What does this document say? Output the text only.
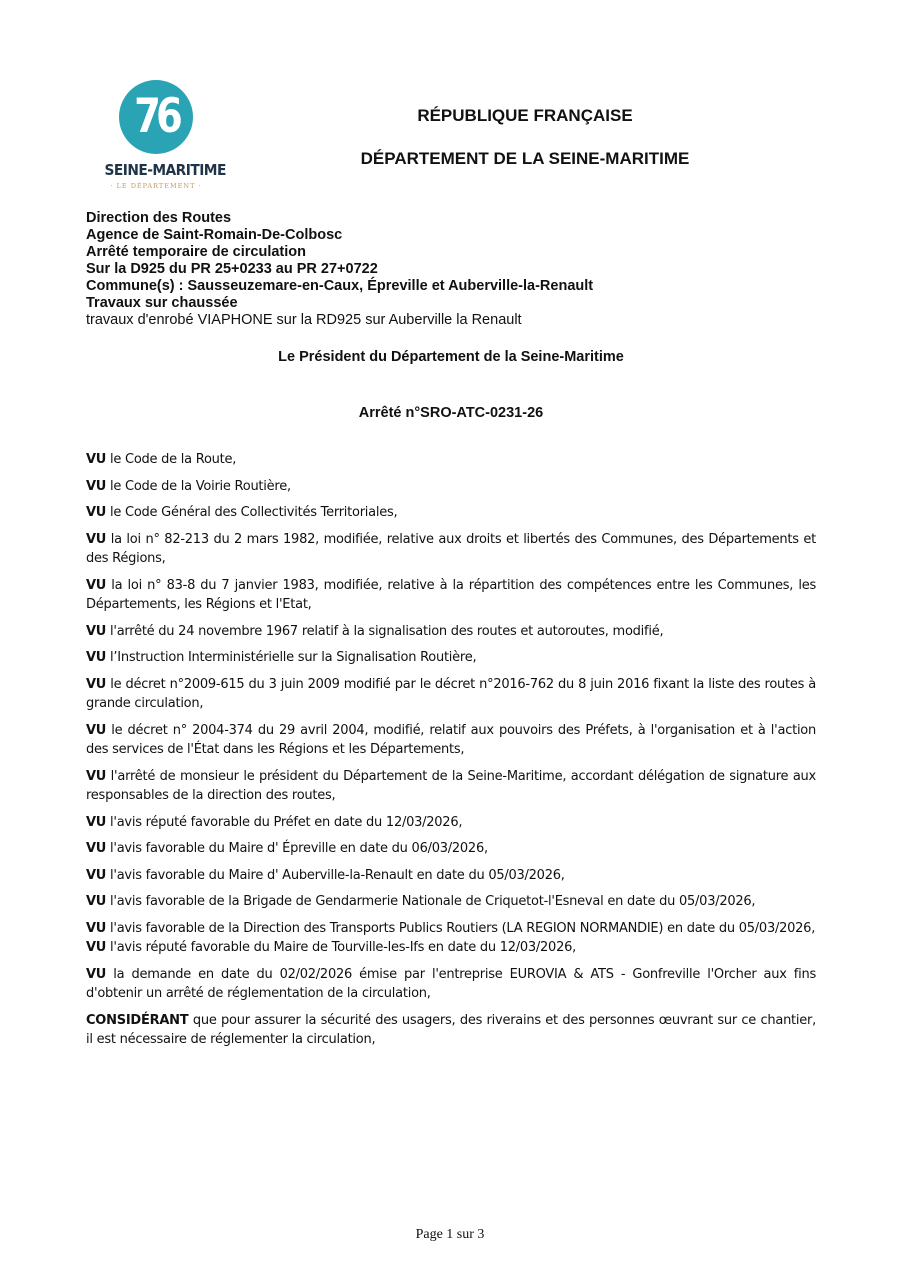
76
SEINE-MARITIME
· LE DÉPARTEMENT ·
RÉPUBLIQUE FRANÇAISE
DÉPARTEMENT DE LA SEINE-MARITIME
Direction des Routes
Agence de Saint-Romain-De-Colbosc
Arrêté temporaire de circulation
Sur la D925 du PR 25+0233 au PR 27+0722
Commune(s) : Sausseuzemare-en-Caux, Épreville et Auberville-la-Renault
Travaux sur chaussée
travaux d'enrobé VIAPHONE sur la RD925 sur Auberville la Renault
Le Président du Département de la Seine-Maritime
Arrêté n°SRO-ATC-0231-26

VU le Code de la Route,

VU le Code de la Voirie Routière,

VU le Code Général des Collectivités Territoriales,

VU la loi n° 82-213 du 2 mars 1982, modifiée, relative aux droits et libertés des Communes, des Départements et des Régions,

VU la loi n° 83-8 du 7 janvier 1983, modifiée, relative à la répartition des compétences entre les Communes, les Départements, les Régions et l'Etat,

VU l'arrêté du 24 novembre 1967 relatif à la signalisation des routes et autoroutes, modifié,

VU l’Instruction Interministérielle sur la Signalisation Routière,

VU le décret n°2009-615 du 3 juin 2009 modifié par le décret n°2016-762 du 8 juin 2016 fixant la liste des routes à grande circulation,

VU le décret n° 2004-374 du 29 avril 2004, modifié, relatif aux pouvoirs des Préfets, à l'organisation et à l'action des services de l'État dans les Régions et les Départements,

VU l'arrêté de monsieur le président du Département de la Seine-Maritime, accordant délégation de signature aux responsables de la direction des routes,

VU l'avis réputé favorable du Préfet en date du 12/03/2026,

VU l'avis favorable du Maire d' Épreville en date du 06/03/2026,

VU l'avis favorable du Maire d' Auberville-la-Renault en date du 05/03/2026,

VU l'avis favorable de la Brigade de Gendarmerie Nationale de Criquetot-l'Esneval en date du 05/03/2026,

VU l'avis favorable de la Direction des Transports Publics Routiers (LA REGION NORMANDIE) en date du 05/03/2026,

VU l'avis réputé favorable du Maire de Tourville-les-Ifs en date du 12/03/2026,

VU la demande en date du 02/02/2026 émise par l'entreprise EUROVIA & ATS - Gonfreville l'Orcher aux fins d'obtenir un arrêté de réglementation de la circulation,

CONSIDÉRANT que pour assurer la sécurité des usagers, des riverains et des personnes œuvrant sur ce chantier, il est nécessaire de réglementer la circulation,

Page 1 sur 3
